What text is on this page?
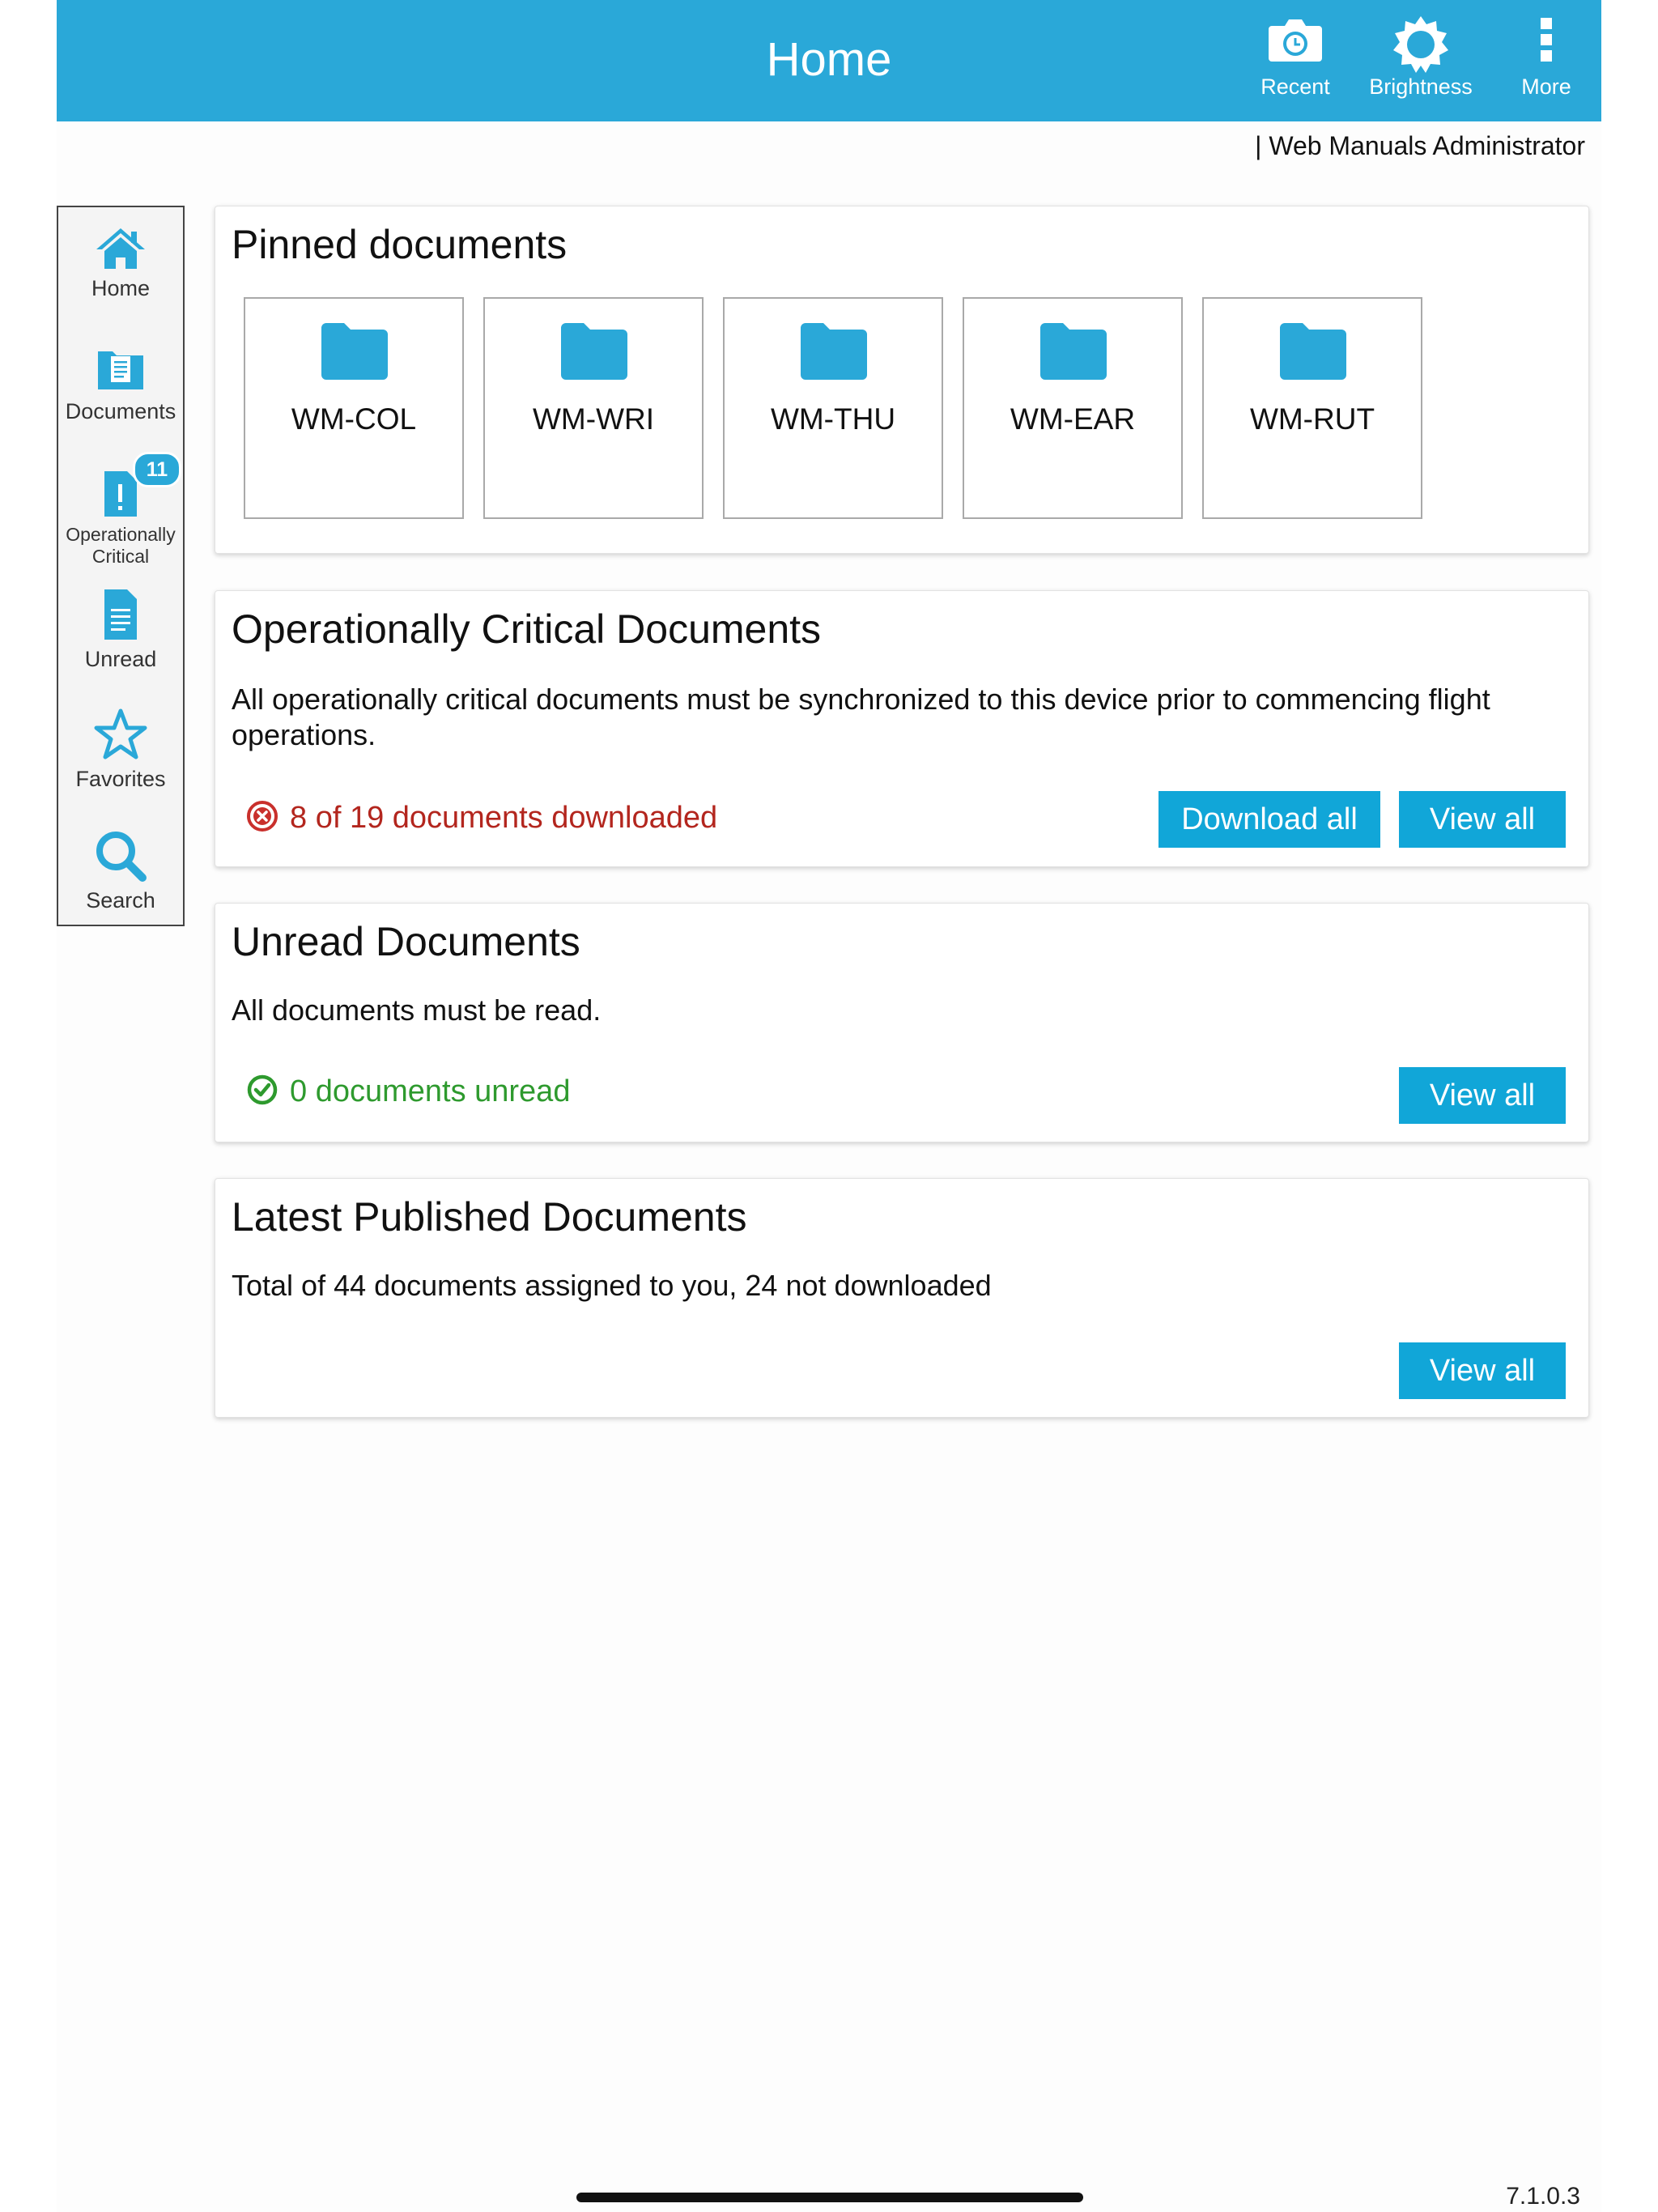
Home
Recent	Brightness	More
| Web Manuals Administrator
Home
Documents
11
Operationally
Critical
Unread
Favorites
Search
Pinned documents
WM-COL	WM-WRI	WM-THU	WM-EAR	WM-RUT
Operationally Critical Documents
All operationally critical documents must be synchronized to this device prior to commencing flight operations.
8 of 19 documents downloaded	Download all	View all
Unread Documents
All documents must be read.
0 documents unread	View all
Latest Published Documents
Total of 44 documents assigned to you, 24 not downloaded
View all
7.1.0.3
